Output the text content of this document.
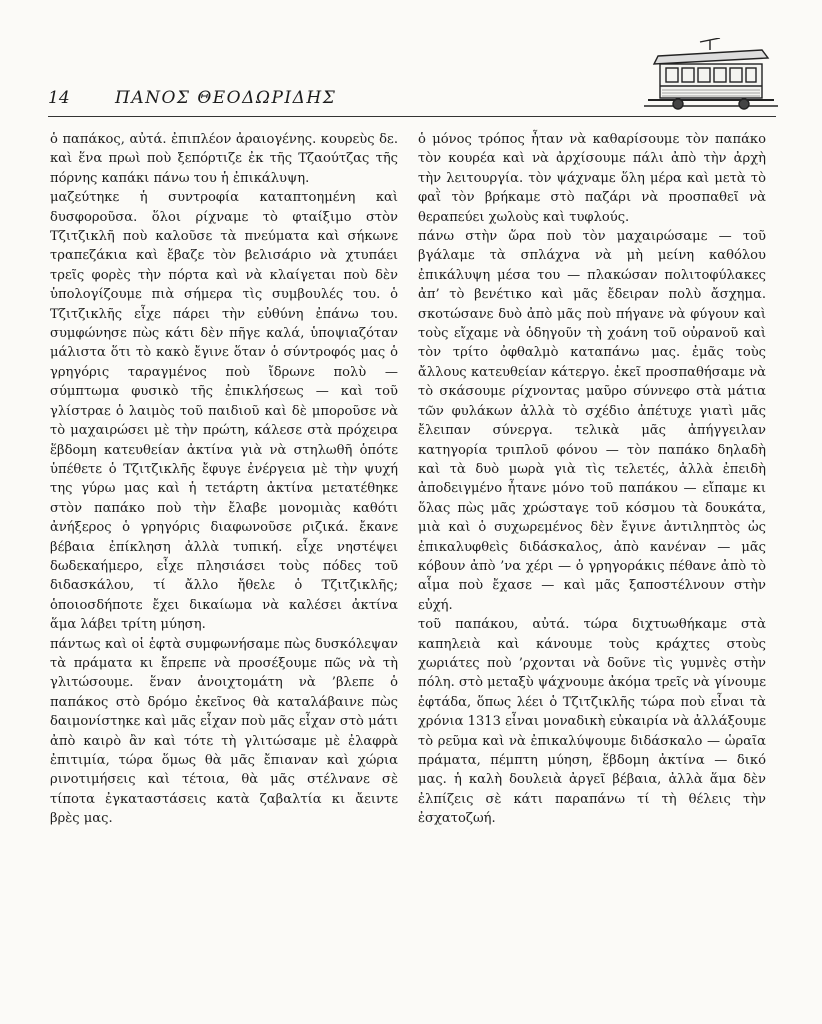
14	ΠΑΝΟΣ ΘΕΟΔΩΡΙΔΗΣ

ὁ παπάκος, αὐτά. ἐπιπλέον ἀραιογένης. κουρεὺς δε. καὶ ἕνα πρωὶ ποὺ ξεπόρτιζε ἐκ τῆς Τζαούτζας τῆς πόρνης καπάκι πάνω του ἡ ἐπικάλυψη.

μαζεύτηκε ἡ συντροφία καταπτοημένη καὶ δυσφοροῦσα. ὅλοι ρίχναμε τὸ φταίξιμο στὸν Τζιτζικλῆ ποὺ καλοῦσε τὰ πνεύματα καὶ σήκωνε τραπεζάκια καὶ ἔβαζε τὸν βελισάριο νὰ χτυπάει τρεῖς φορὲς τὴν πόρτα καὶ νὰ κλαίγεται ποὺ δὲν ὑπολογίζουμε πιὰ σήμερα τὶς συμβουλές του. ὁ Τζιτζικλῆς εἶχε πάρει τὴν εὐθύνη ἐπάνω του. συμφώνησε πὼς κάτι δὲν πῆγε καλά, ὑποψιαζόταν μάλιστα ὅτι τὸ κακὸ ἔγινε ὅταν ὁ σύντροφός μας ὁ γρηγόρις ταραγμένος ποὺ ἴδρωνε πολὺ — σύμπτωμα φυσικὸ τῆς ἐπικλήσεως — καὶ τοῦ γλίστραε ὁ λαιμὸς τοῦ παιδιοῦ καὶ δὲ μποροῦσε νὰ τὸ μαχαιρώσει μὲ τὴν πρώτη, κάλεσε στὰ πρόχειρα ἕβδομη κατευθείαν ἀκτίνα γιὰ νὰ στηλωθῆ ὁπότε ὑπέθετε ὁ Τζιτζικλῆς ἔφυγε ἐνέργεια μὲ τὴν ψυχή της γύρω μας καὶ ἡ τετάρτη ἀκτίνα μετατέθηκε στὸν παπάκο ποὺ τὴν ἔλαβε μονομιὰς καθότι ἀνήξερος ὁ γρηγόρις διαφωνοῦσε ριζικά. ἔκανε βέβαια ἐπίκληση ἀλλὰ τυπική. εἶχε νηστέψει δωδεκαήμερο, εἶχε πλησιάσει τοὺς πόδες τοῦ διδασκάλου, τί ἄλλο ἤθελε ὁ Τζιτζικλῆς; ὁποιοσδήποτε ἔχει δικαίωμα νὰ καλέσει ἀκτίνα ἅμα λάβει τρίτη μύηση.

πάντως καὶ οἱ ἑφτὰ συμφωνήσαμε πὼς δυσκόλεψαν τὰ πράματα κι ἔπρεπε νὰ προσέξουμε πῶς νὰ τὴ γλιτώσουμε. ἕναν ἀνοιχτομάτη νὰ ’βλεπε ὁ παπάκος στὸ δρόμο ἐκεῖνος θὰ καταλάβαινε πὼς δαιμονίστηκε καὶ μᾶς εἶχαν ποὺ μᾶς εἶχαν στὸ μάτι ἀπὸ καιρὸ ἂν καὶ τότε τὴ γλιτώσαμε μὲ ἐλαφρὰ ἐπιτιμία, τώρα ὅμως θὰ μᾶς ἔπιαναν καὶ χώρια ρινοτιμήσεις καὶ τέτοια, θὰ μᾶς στέλνανε σὲ τίποτα ἐγκαταστάσεις κατὰ ζαβαλτία κι ἄειντε βρὲς μας.

ὁ μόνος τρόπος ἦταν νὰ καθαρίσουμε τὸν παπάκο τὸν κουρέα καὶ νὰ ἀρχίσουμε πάλι ἀπὸ τὴν ἀρχὴ τὴν λειτουργία. τὸν ψάχναμε ὅλη μέρα καὶ μετὰ τὸ φαῒ τὸν βρήκαμε στὸ παζάρι νὰ προσπαθεῖ νὰ θεραπεύει χωλοὺς καὶ τυφλούς.

πάνω στὴν ὥρα ποὺ τὸν μαχαιρώσαμε — τοῦ βγάλαμε τὰ σπλάχνα νὰ μὴ μείνη καθόλου ἐπικάλυψη μέσα του — πλακώσαν πολιτοφύλακες ἀπ’ τὸ βενέτικο καὶ μᾶς ἔδειραν πολὺ ἄσχημα. σκοτώσανε δυὸ ἀπὸ μᾶς ποὺ πήγανε νὰ φύγουν καὶ τοὺς εἴχαμε νὰ ὁδηγοῦν τὴ χοάνη τοῦ οὐρανοῦ καὶ τὸν τρίτο ὀφθαλμὸ καταπάνω μας. ἐμᾶς τοὺς ἄλλους κατευθείαν κάτεργο. ἐκεῖ προσπαθήσαμε νὰ τὸ σκάσουμε ρίχνοντας μαῦρο σύννεφο στὰ μάτια τῶν φυλάκων ἀλλὰ τὸ σχέδιο ἀπέτυχε γιατὶ μᾶς ἔλειπαν σύνεργα. τελικὰ μᾶς ἀπήγγειλαν κατηγορία τριπλοῦ φόνου — τὸν παπάκο δηλαδὴ καὶ τὰ δυὸ μωρὰ γιὰ τὶς τελετές, ἀλλὰ ἐπειδὴ ἀποδειγμένο ἦτανε μόνο τοῦ παπάκου — εἴπαμε κι ὅλας πὼς μᾶς χρώσταγε τοῦ κόσμου τὰ δουκάτα, μιὰ καὶ ὁ συχωρεμένος δὲν ἔγινε ἀντιληπτὸς ὡς ἐπικαλυφθεὶς διδάσκαλος, ἀπὸ κανέναν — μᾶς κόβουν ἀπὸ ’να χέρι — ὁ γρηγοράκις πέθανε ἀπὸ τὸ αἷμα ποὺ ἔχασε — καὶ μᾶς ξαποστέλνουν στὴν εὐχή.

τοῦ παπάκου, αὐτά. τώρα διχτυωθήκαμε στὰ καπηλειὰ καὶ κάνουμε τοὺς κράχτες στοὺς χωριάτες ποὺ ’ρχονται νὰ δοῦνε τὶς γυμνὲς στὴν πόλη. στὸ μεταξὺ ψάχνουμε ἀκόμα τρεῖς νὰ γίνουμε ἑφτάδα, ὅπως λέει ὁ Τζιτζικλῆς τώρα ποὺ εἶναι τὰ χρόνια 1313 εἶναι μοναδικὴ εὐκαιρία νὰ ἀλλάξουμε τὸ ρεῦμα καὶ νὰ ἐπικαλύψουμε διδάσκαλο — ὡραῖα πράματα, πέμπτη μύηση, ἕβδομη ἀκτίνα — δικό μας. ἡ καλὴ δουλειὰ ἀργεῖ βέβαια, ἀλλὰ ἅμα δὲν ἐλπίζεις σὲ κάτι παραπάνω τί τὴ θέλεις τὴν ἐσχατοζωή.
